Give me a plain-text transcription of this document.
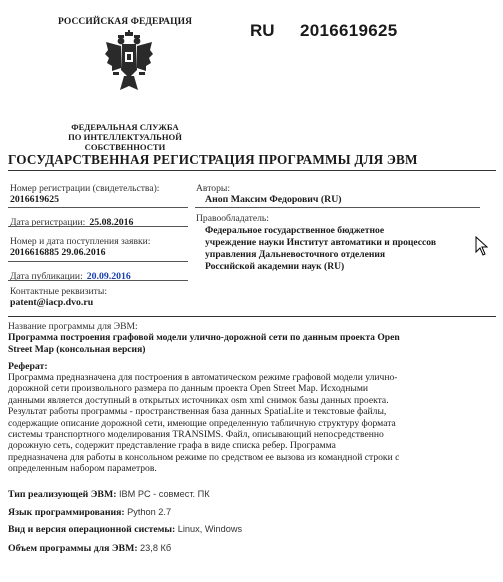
РОССИЙСКАЯ ФЕДЕРАЦИЯ
ФЕДЕРАЛЬНАЯ СЛУЖБА
ПО ИНТЕЛЛЕКТУАЛЬНОЙ СОБСТВЕННОСТИ
RU 2016619625
ГОСУДАРСТВЕННАЯ РЕГИСТРАЦИЯ ПРОГРАММЫ ДЛЯ ЭВМ
Номер регистрации (свидетельства):
2016619625
Дата регистрации: 25.08.2016
Номер и дата поступления заявки:
2016616885 29.06.2016
Дата публикации: 20.09.2016
Контактные реквизиты:
patent@iacp.dvo.ru
Авторы:
Аноп Максим Федорович (RU)
Правообладатель:
Федеральное государственное бюджетное
учреждение науки Институт автоматики и процессов
управления Дальневосточного отделения
Российской академии наук (RU)
Название программы для ЭВМ:
Программа построения графовой модели улично-дорожной сети по данным проекта Open
Street Map (консольная версия)
Реферат:
Программа предназначена для построения в автоматическом режиме графовой модели улично-
дорожной сети произвольного размера по данным проекта Open Street Map. Исходными
данными является доступный в открытых источниках osm xml снимок базы данных проекта.
Результат работы программы - пространственная база данных SpatiaLite и текстовые файлы,
содержащие описание дорожной сети, имеющие определенную табличную структуру формата
системы транспортного моделирования TRANSIMS. Файл, описывающий непосредственно
дорожную сеть, содержит представление графа в виде списка ребер. Программа
предназначена для работы в консольном режиме по средством ее вызова из командной строки с
определенным набором параметров.
Тип реализующей ЭВМ: IBM PC - совмест. ПК
Язык программирования: Python 2.7
Вид и версия операционной системы: Linux, Windows
Объем программы для ЭВМ: 23,8 Кб
